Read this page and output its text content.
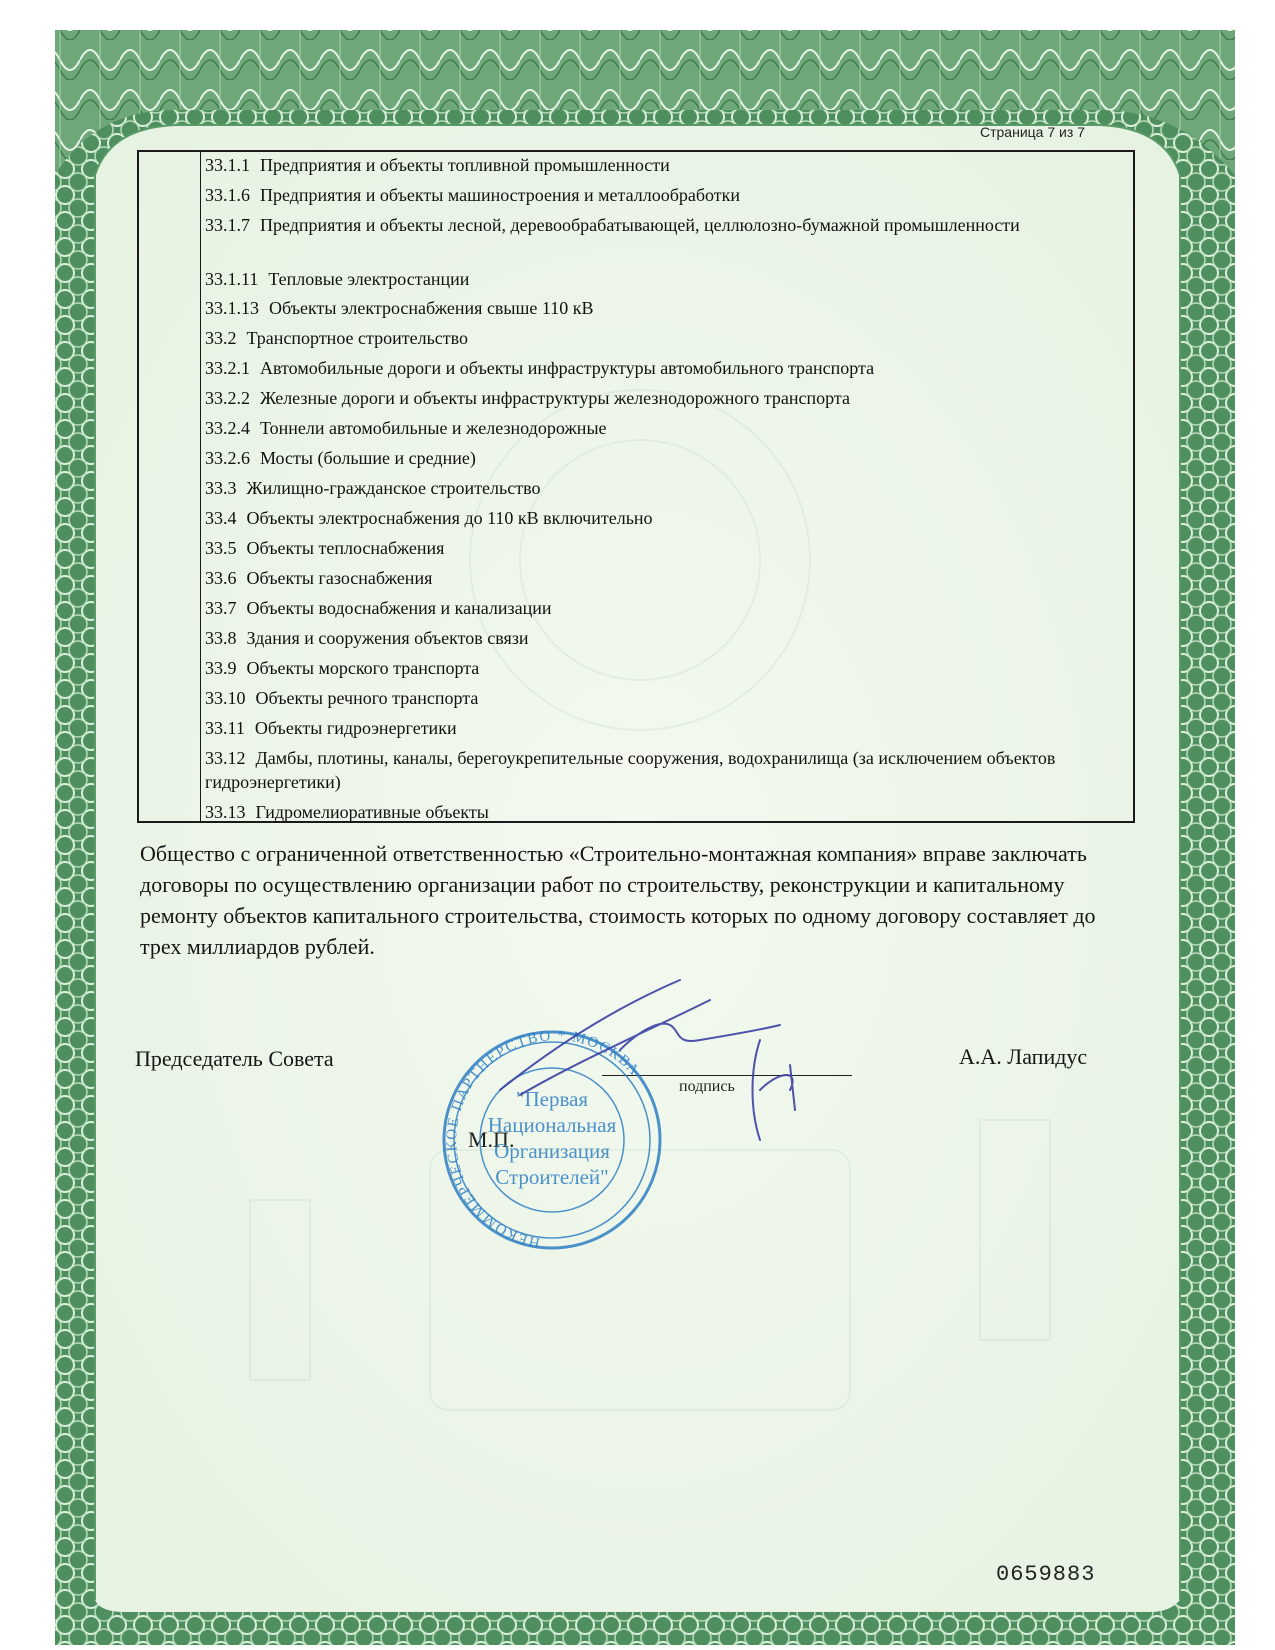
Страница 7 из 7
33.1.1Предприятия и объекты топливной промышленности
33.1.6 Предприятия и объекты машиностроения и металлообработки
33.1.7 Предприятия и объекты лесной, деревообрабатывающей, целлюлозно-бумажной промышленности
33.1.11 Тепловые электростанции
33.1.13 Объекты электроснабжения свыше 110 кВ
33.2 Транспортное строительство
33.2.1 Автомобильные дороги и объекты инфраструктуры автомобильного транспорта
33.2.2 Железные дороги и объекты инфраструктуры железнодорожного транспорта
33.2.4 Тоннели автомобильные и железнодорожные
33.2.6 Мосты (большие и средние)
33.3 Жилищно-гражданское строительство
33.4 Объекты электроснабжения до 110 кВ включительно
33.5 Объекты теплоснабжения
33.6 Объекты газоснабжения
33.7 Объекты водоснабжения и канализации
33.8 Здания и сооружения объектов связи
33.9 Объекты морского транспорта
33.10 Объекты речного транспорта
33.11 Объекты гидроэнергетики
33.12 Дамбы, плотины, каналы, берегоукрепительные сооружения, водохранилища (за исключением объектов гидроэнергетики)
33.13 Гидромелиоративные объекты
Общество с ограниченной ответственностью «Строительно-монтажная компания» вправе заключать договоры по осуществлению организации работ по строительству, реконструкции и капитальному ремонту объектов капитального строительства, стоимость которых по одному договору составляет до трех миллиардов рублей.
Председатель Совета
подпись
А.А. Лапидус
М.П.
НЕКОММЕРЧЕСКОЕ ПАРТНЕРСТВО * МОСКВА
"Первая
Национальная
Организация
Строителей"
0659883
